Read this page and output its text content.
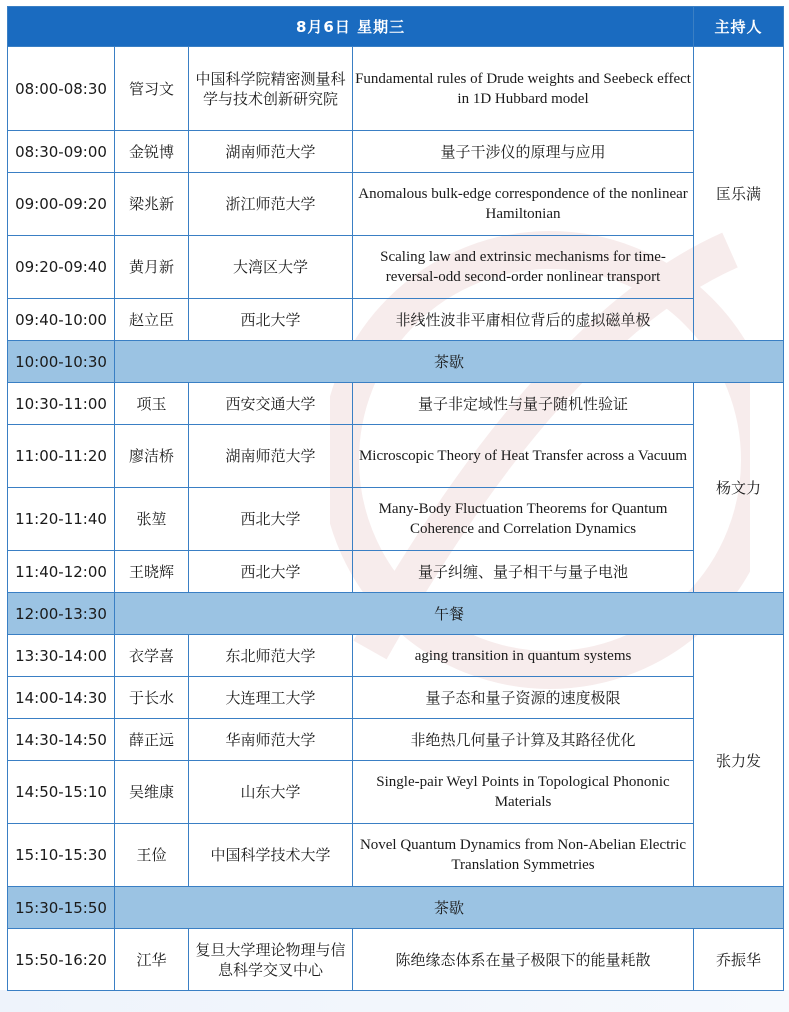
8月6日 星期三				主持人
08:00-08:30	管习文	中国科学院精密测量科学与技术创新研究院	Fundamental rules of Drude weights and Seebeck effect in 1D Hubbard model	匡乐满
08:30-09:00	金锐博	湖南师范大学	量子干涉仪的原理与应用	
09:00-09:20	梁兆新	浙江师范大学	Anomalous bulk-edge correspondence of the nonlinear Hamiltonian	
09:20-09:40	黄月新	大湾区大学	Scaling law and extrinsic mechanisms for time-reversal-odd second-order nonlinear transport	
09:40-10:00	赵立臣	西北大学	非线性波非平庸相位背后的虚拟磁单极	
10:00-10:30	茶歇			
10:30-11:00	项玉	西安交通大学	量子非定域性与量子随机性验证	杨文力
11:00-11:20	廖洁桥	湖南师范大学	Microscopic Theory of Heat Transfer across a Vacuum	
11:20-11:40	张堃	西北大学	Many-Body Fluctuation Theorems for Quantum Coherence and Correlation Dynamics	
11:40-12:00	王晓辉	西北大学	量子纠缠、量子相干与量子电池	
12:00-13:30	午餐			
13:30-14:00	衣学喜	东北师范大学	aging transition in quantum systems	张力发
14:00-14:30	于长水	大连理工大学	量子态和量子资源的速度极限	
14:30-14:50	薛正远	华南师范大学	非绝热几何量子计算及其路径优化	
14:50-15:10	吴维康	山东大学	Single-pair Weyl Points in Topological Phononic Materials	
15:10-15:30	王俭	中国科学技术大学	Novel Quantum Dynamics from Non-Abelian Electric Translation Symmetries	
15:30-15:50	茶歇			
15:50-16:20	江华	复旦大学理论物理与信息科学交叉中心	陈绝缘态体系在量子极限下的能量耗散	乔振华
